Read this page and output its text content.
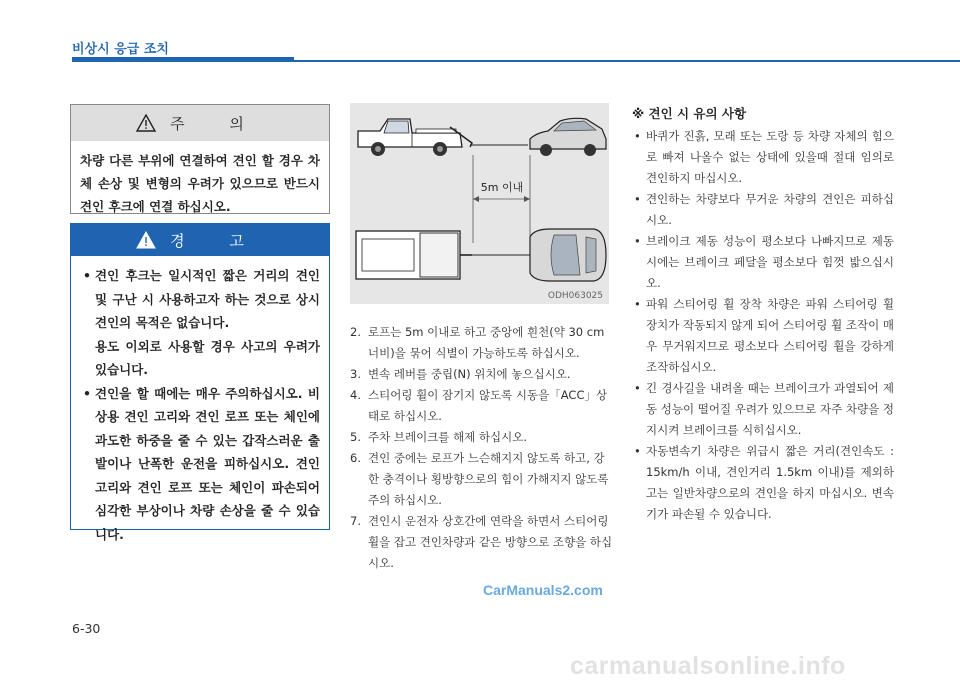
비상시 응급 조치
주 의
차량 다른 부위에 연결하여 견인 할 경우 차체 손상 및 변형의 우려가 있으므로 반드시 견인 후크에 연결 하십시오.
경 고
• 견인 후크는 일시적인 짧은 거리의 견인 및 구난 시 사용하고자 하는 것으로 상시 견인의 목적은 없습니다.
용도 이외로 사용할 경우 사고의 우려가 있습니다.
• 견인을 할 때에는 매우 주의하십시오. 비상용 견인 고리와 견인 로프 또는 체인에 과도한 하중을 줄 수 있는 갑작스러운 출발이나 난폭한 운전을 피하십시오. 견인 고리와 견인 로프 또는 체인이 파손되어 심각한 부상이나 차량 손상을 줄 수 있습니다.
5m 이내
ODH063025
2. 로프는 5m 이내로 하고 중앙에 흰천(약 30 cm 너비)을 묶어 식별이 가능하도록 하십시오.
3. 변속 레버를 중립(N) 위치에 놓으십시오.
4. 스티어링 휠이 잠기지 않도록 시동을「ACC」상태로 하십시오.
5. 주차 브레이크를 해제 하십시오.
6. 견인 중에는 로프가 느슨해지지 않도록 하고, 강한 충격이나 횡방향으로의 힘이 가해지지 않도록 주의 하십시오.
7. 견인시 운전자 상호간에 연락을 하면서 스티어링 휠을 잡고 견인차량과 같은 방향으로 조향을 하십시오.
※ 견인 시 유의 사항
• 바퀴가 진흙, 모래 또는 도랑 등 차량 자체의 힘으로 빠져 나올수 없는 상태에 있을때 절대 임의로 견인하지 마십시오.
• 견인하는 차량보다 무거운 차량의 견인은 피하십시오.
• 브레이크 제동 성능이 평소보다 나빠지므로 제동시에는 브레이크 페달을 평소보다 힘껏 밟으십시오.
• 파워 스티어링 휠 장착 차량은 파워 스티어링 휠 장치가 작동되지 않게 되어 스티어링 휠 조작이 매우 무거워지므로 평소보다 스티어링 휠을 강하게 조작하십시오.
• 긴 경사길을 내려올 때는 브레이크가 과열되어 제동 성능이 떨어질 우려가 있으므로 자주 차량을 정지시켜 브레이크를 식히십시오.
• 자동변속기 차량은 위급시 짧은 거리(견인속도 : 15km/h 이내, 견인거리 1.5km 이내)를 제외하고는 일반차량으로의 견인을 하지 마십시오. 변속기가 파손될 수 있습니다.
CarManuals2.com
6-30
carmanualsonline.info
